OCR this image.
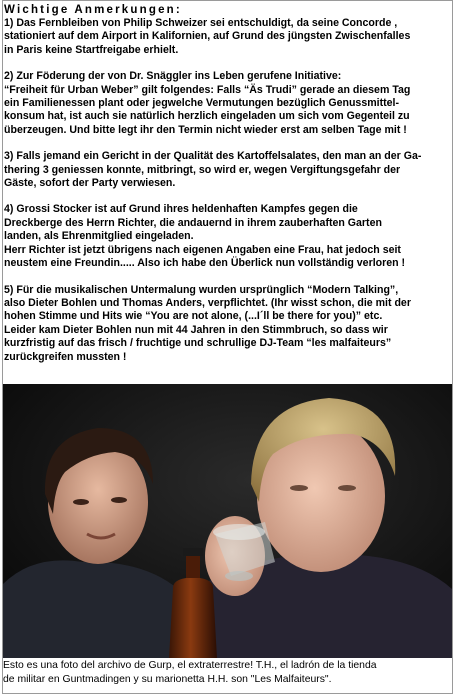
Wichtige Anmerkungen:

1) Das Fernbleiben von Philip Schweizer sei entschuldigt, da seine Concorde ,
stationiert auf dem Airport in Kalifornien, auf Grund des jüngsten Zwischenfalles
in Paris keine Startfreigabe erhielt.

2) Zur Föderung der von Dr. Snäggler ins Leben gerufene Initiative:
“Freiheit für Urban Weber” gilt folgendes: Falls “Äs Trudi” gerade an diesem Tag
ein Familienessen plant oder jegwelche Vermutungen bezüglich Genussmittel-
konsum hat, ist auch sie natürlich herzlich eingeladen um sich vom Gegenteil zu
überzeugen. Und bitte legt ihr den Termin nicht wieder erst am selben Tage mit !

3) Falls jemand ein Gericht in der Qualität des Kartoffelsalates, den man an der Ga-
thering 3 geniessen konnte, mitbringt, so wird er, wegen Vergiftungsgefahr der
Gäste, sofort der Party verwiesen.

4) Grossi Stocker ist auf Grund ihres heldenhaften Kampfes gegen die
Dreckberge des Herrn Richter, die andauernd in ihrem zauberhaften Garten
landen, als Ehrenmitglied eingeladen.
Herr Richter ist jetzt übrigens nach eigenen Angaben eine Frau, hat jedoch seit
neustem eine Freundin..... Also ich habe den Überlick nun vollständig verloren !

5) Für die musikalischen Untermalung wurden ursprünglich “Modern Talking”,
also Dieter Bohlen und Thomas Anders, verpflichtet. (Ihr wisst schon, die mit der
hohen Stimme und Hits wie “You are not alone, (...I´ll be there for you)” etc.
Leider kam Dieter Bohlen nun mit 44 Jahren in den Stimmbruch, so dass wir
kurzfristig auf das frisch / fruchtige und schrullige DJ-Team “les malfaiteurs”
zurückgreifen mussten !

Esto es una foto del archivo de Gurp, el extraterrestre! T.H., el ladrón de la tienda
de militar en Guntmadingen y su marionetta H.H. son "Les Malfaiteurs".
